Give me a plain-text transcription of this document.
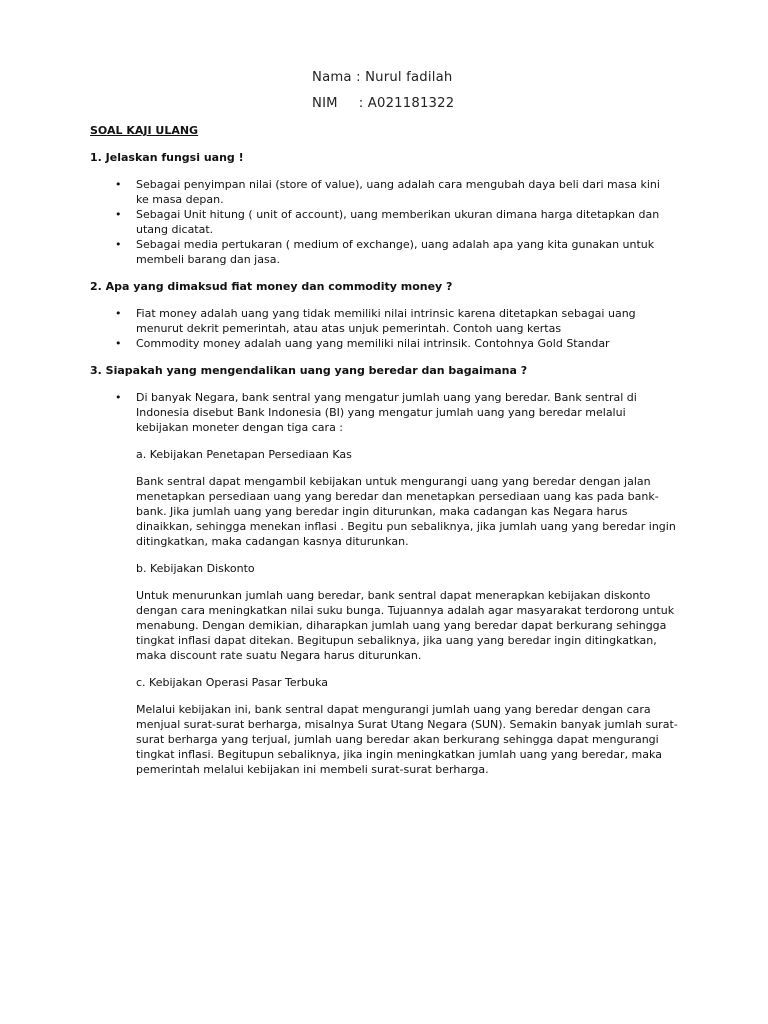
Nama : Nurul fadilah
NIM : A021181322
SOAL KAJI ULANG
1. Jelaskan fungsi uang !
• Sebagai penyimpan nilai (store of value), uang adalah cara mengubah daya beli dari masa kini ke masa depan.
• Sebagai Unit hitung ( unit of account), uang memberikan ukuran dimana harga ditetapkan dan utang dicatat.
• Sebagai media pertukaran ( medium of exchange), uang adalah apa yang kita gunakan untuk membeli barang dan jasa.
2. Apa yang dimaksud fiat money dan commodity money ?
• Fiat money adalah uang yang tidak memiliki nilai intrinsic karena ditetapkan sebagai uang menurut dekrit pemerintah, atau atas unjuk pemerintah. Contoh uang kertas
• Commodity money adalah uang yang memiliki nilai intrinsik. Contohnya Gold Standar
3. Siapakah yang mengendalikan uang yang beredar dan bagaimana ?
• Di banyak Negara, bank sentral yang mengatur jumlah uang yang beredar. Bank sentral di Indonesia disebut Bank Indonesia (BI) yang mengatur jumlah uang yang beredar melalui kebijakan moneter dengan tiga cara :
a. Kebijakan Penetapan Persediaan Kas
Bank sentral dapat mengambil kebijakan untuk mengurangi uang yang beredar dengan jalan menetapkan persediaan uang yang beredar dan menetapkan persediaan uang kas pada bank-bank. Jika jumlah uang yang beredar ingin diturunkan, maka cadangan kas Negara harus dinaikkan, sehingga menekan inflasi . Begitu pun sebaliknya, jika jumlah uang yang beredar ingin ditingkatkan, maka cadangan kasnya diturunkan.
b. Kebijakan Diskonto
Untuk menurunkan jumlah uang beredar, bank sentral dapat menerapkan kebijakan diskonto dengan cara meningkatkan nilai suku bunga. Tujuannya adalah agar masyarakat terdorong untuk menabung. Dengan demikian, diharapkan jumlah uang yang beredar dapat berkurang sehingga tingkat inflasi dapat ditekan. Begitupun sebaliknya, jika uang yang beredar ingin ditingkatkan, maka discount rate suatu Negara harus diturunkan.
c. Kebijakan Operasi Pasar Terbuka
Melalui kebijakan ini, bank sentral dapat mengurangi jumlah uang yang beredar dengan cara menjual surat-surat berharga, misalnya Surat Utang Negara (SUN). Semakin banyak jumlah surat-surat berharga yang terjual, jumlah uang beredar akan berkurang sehingga dapat mengurangi tingkat inflasi. Begitupun sebaliknya, jika ingin meningkatkan jumlah uang yang beredar, maka pemerintah melalui kebijakan ini membeli surat-surat berharga.
